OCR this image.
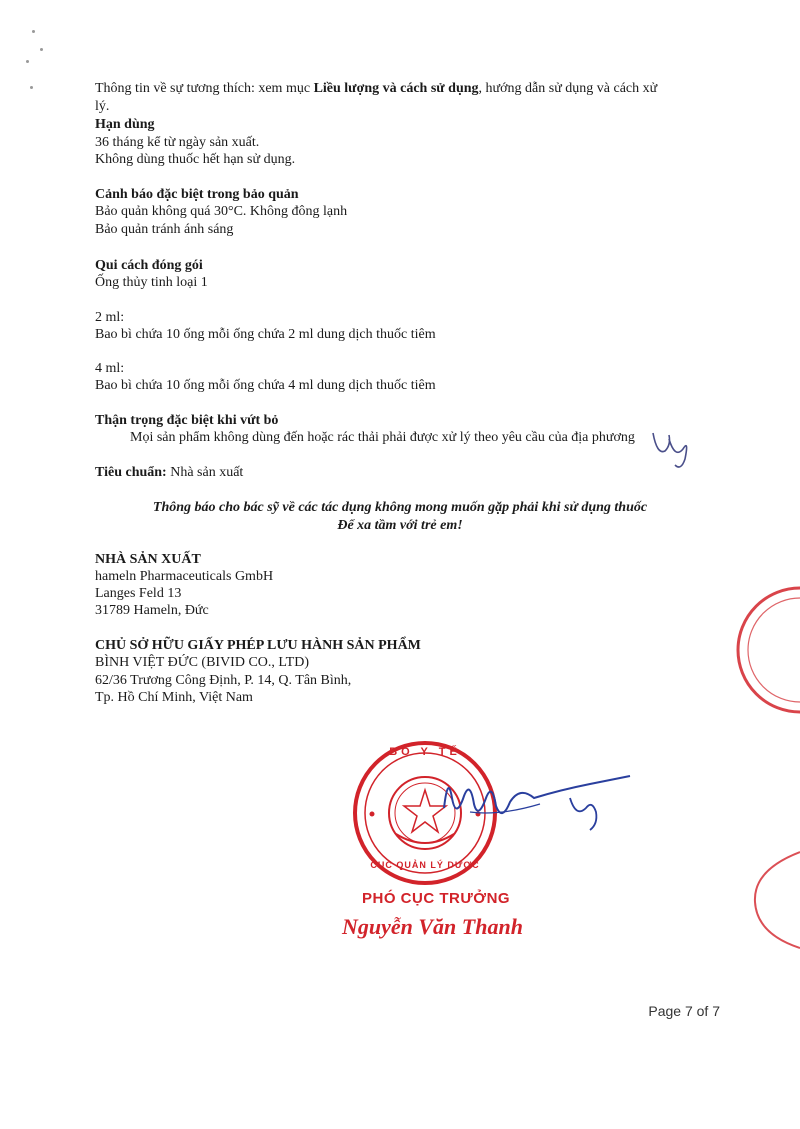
Thông tin về sự tương thích: xem mục Liều lượng và cách sử dụng, hướng dẫn sử dụng và cách xử
lý.
Hạn dùng
36 tháng kể từ ngày sản xuất.
Không dùng thuốc hết hạn sử dụng.
Cảnh báo đặc biệt trong bảo quản
Bảo quản không quá 30°C. Không đông lạnh
Bảo quản tránh ánh sáng
Qui cách đóng gói
Ống thủy tinh loại 1
2 ml:
Bao bì chứa 10 ống mỗi ống chứa 2 ml dung dịch thuốc tiêm
4 ml:
Bao bì chứa 10 ống mỗi ống chứa 4 ml dung dịch thuốc tiêm
Thận trọng đặc biệt khi vứt bỏ
Mọi sản phẩm không dùng đến hoặc rác thải phải được xử lý theo yêu cầu của địa phương
Tiêu chuẩn: Nhà sản xuất
Thông báo cho bác sỹ về các tác dụng không mong muốn gặp phải khi sử dụng thuốc
Để xa tầm với trẻ em!
NHÀ SẢN XUẤT
hameln Pharmaceuticals GmbH
Langes Feld 13
31789 Hameln, Đức
CHỦ SỞ HỮU GIẤY PHÉP LƯU HÀNH SẢN PHẨM
BÌNH VIỆT ĐỨC (BIVID CO., LTD)
62/36 Trương Công Định, P. 14, Q. Tân Bình,
Tp. Hồ Chí Minh, Việt Nam
BỘ Y TẾ
CỤC QUẢN LÝ DƯỢC
PHÓ CỤC TRƯỞNG
Nguyễn Văn Thanh
Page 7 of 7
